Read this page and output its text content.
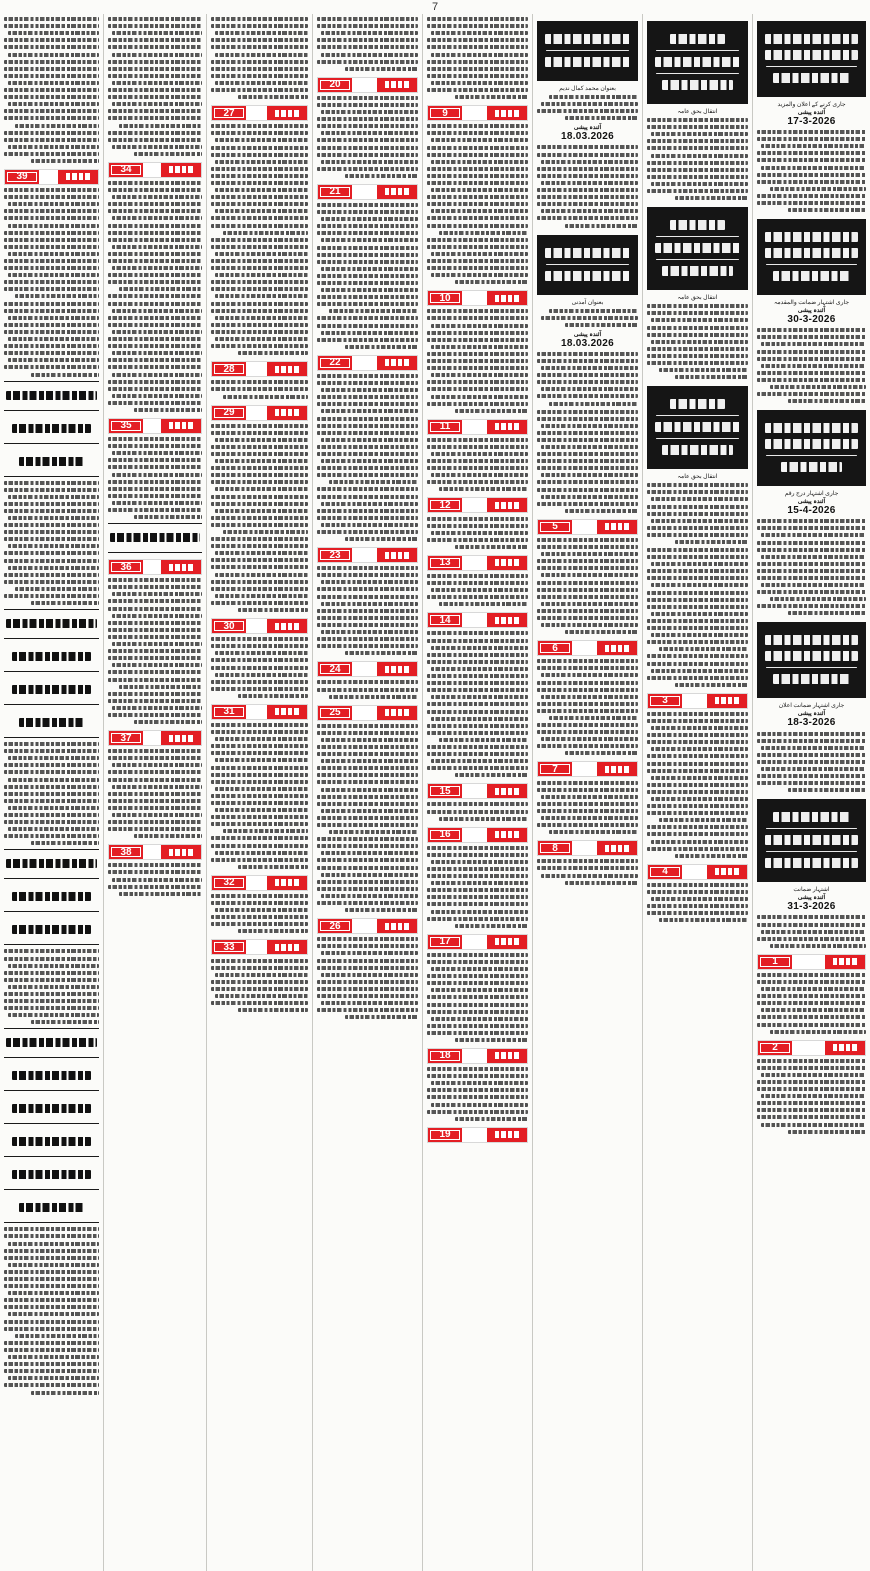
7
جاری کرنے کے اعلان والمزید
آئندہ پیشی
17-3-2026
جاری اشتہار ضمانت والمقدمہ
آئندہ پیشی
30-3-2026
جاری اشتہار درج رقم
آئندہ پیشی
15-4-2026
جاری اشتہار ضمانت اعلان
آئندہ پیشی
18-3-2026
اشتہار ضمانت
آئندہ پیشی
31-3-2026
1
2
انتقال بحق عامہ
انتقال بحق عامہ
انتقال بحق عامہ
3
4
بعنوان محمد کمال ندیم
آئندہ پیشی
18.03.2026
بعنوان آمدنی
آئندہ پیشی
18.03.2026
5
6
7
8
9
10
11
12
13
14
15
16
17
18
19
20
21
22
23
24
25
26
27
28
29
30
31
32
33
34
35
36
37
38
39
